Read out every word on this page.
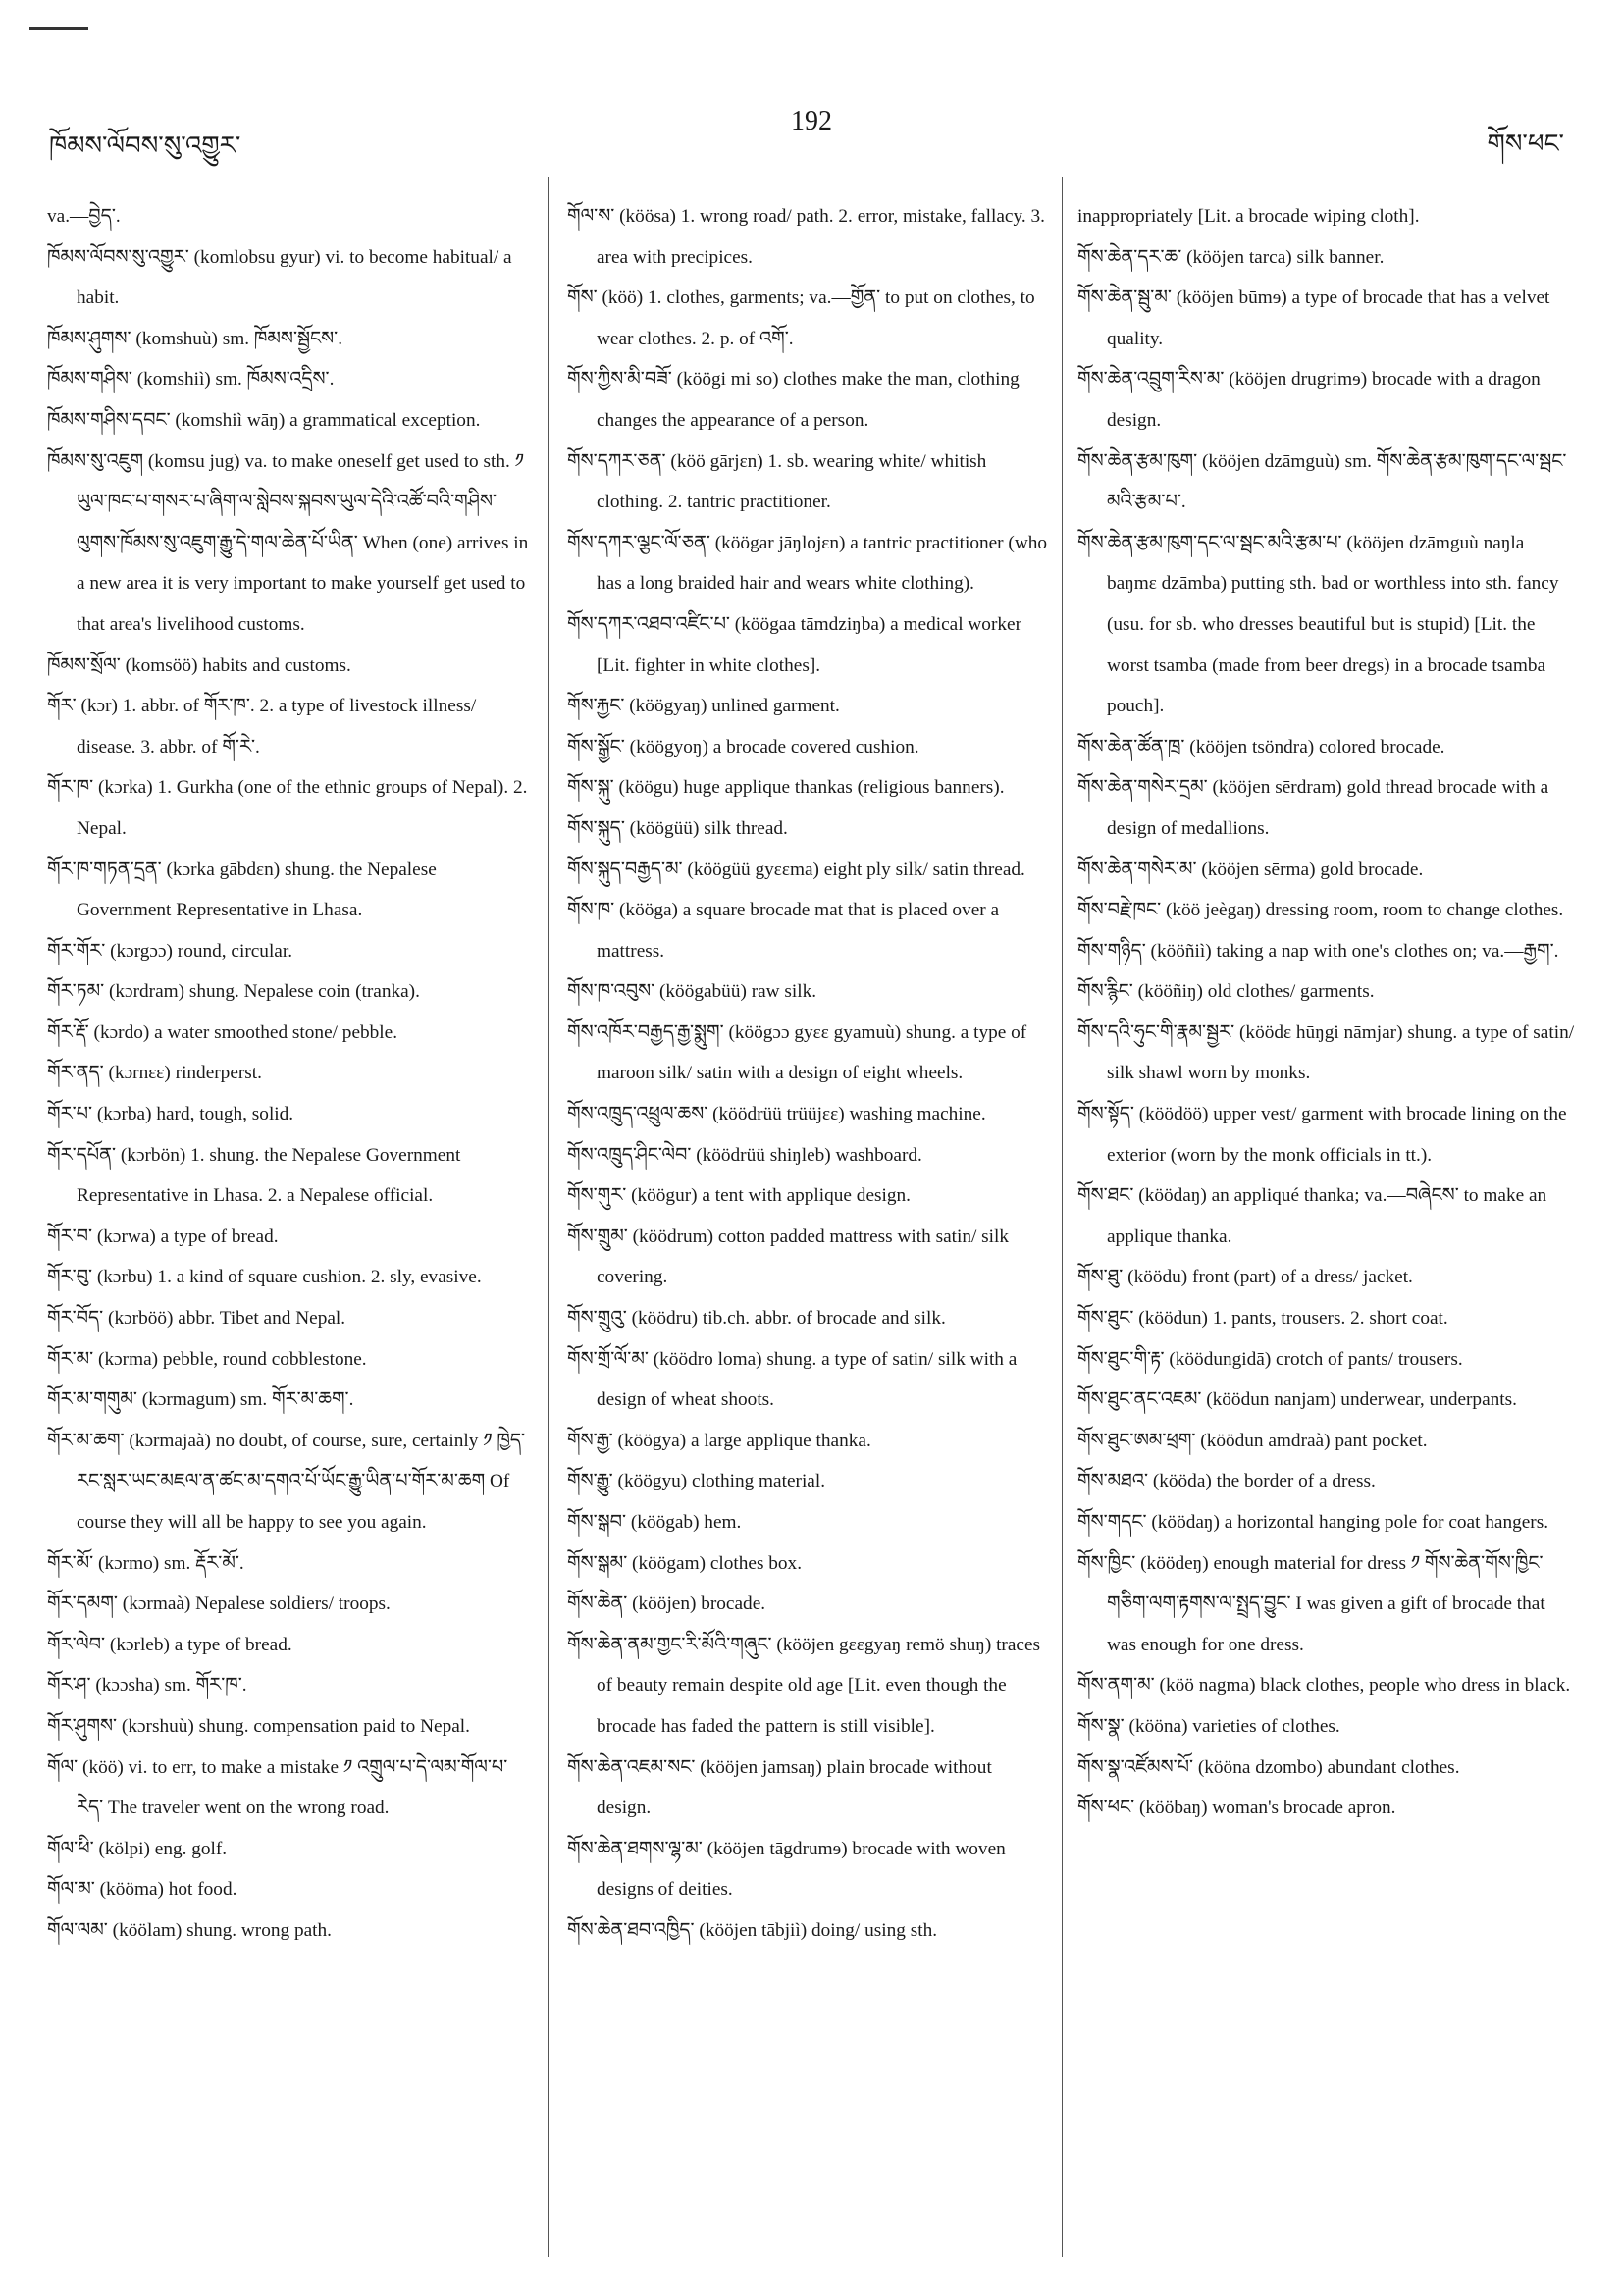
ཁོམས་ལོབས་སུ་འགྱུར་
192
གོས་ཕང་

va.—བྱེད་.

ཁོམས་ལོབས་སུ་འགྱུར་ (komlobsu gyur) vi. to become habitual/ a habit.

ཁོམས་ཤུགས་ (komshuù) sm. ཁོམས་སྦྱོངས་.

ཁོམས་གཤིས་ (komshiì) sm. ཁོམས་འདྲིས་.

ཁོམས་གཤིས་དབང་ (komshiì wāŋ) a grammatical exception.

ཁོམས་སུ་འཇུག (komsu jug) va. to make oneself get used to sth. ༡ ཡུལ་ཁང་པ་གསར་པ་ཞིག་ལ་སླེབས་སྐབས་ཡུལ་དེའི་འཚོ་བའི་གཤིས་ལུགས་ཁོམས་སུ་འཇུག་རྒྱུ་དེ་གལ་ཆེན་པོ་ཡིན་ When (one) arrives in a new area it is very important to make yourself get used to that area's livelihood customs.

ཁོམས་སྲོལ་ (komsöö) habits and customs.

གོར་ (kɔr) 1. abbr. of གོར་ཁ་. 2. a type of livestock illness/ disease. 3. abbr. of གོ་རེ་.

གོར་ཁ་ (kɔrka) 1. Gurkha (one of the ethnic groups of Nepal). 2. Nepal.

གོར་ཁ་གཏན་དྲན་ (kɔrka gābdɛn) shung. the Nepalese Government Representative in Lhasa.

གོར་གོར་ (kɔrgɔɔ) round, circular.

གོར་ཏམ་ (kɔrdram) shung. Nepalese coin (tranka).

གོར་རྡོ་ (kɔrdo) a water smoothed stone/ pebble.

གོར་ནད་ (kɔrnɛɛ) rinderperst.

གོར་པ་ (kɔrba) hard, tough, solid.

གོར་དཔོན་ (kɔrbön) 1. shung. the Nepalese Government Representative in Lhasa. 2. a Nepalese official.

གོར་བ་ (kɔrwa) a type of bread.

གོར་བུ་ (kɔrbu) 1. a kind of square cushion. 2. sly, evasive.

གོར་བོད་ (kɔrböö) abbr. Tibet and Nepal.

གོར་མ་ (kɔrma) pebble, round cobblestone.

གོར་མ་གགུམ་ (kɔrmagum) sm. གོར་མ་ཆག་.

གོར་མ་ཆག་ (kɔrmajaà) no doubt, of course, sure, certainly ༡ ཁྱེད་རང་སླར་ཡང་མཇལ་ན་ཚང་མ་དགའ་པོ་ཡོང་རྒྱུ་ཡིན་པ་གོར་མ་ཆག Of course they will all be happy to see you again.

གོར་མོ་ (kɔrmo) sm. རྡོར་མོ་.

གོར་དམག་ (kɔrmaà) Nepalese soldiers/ troops.

གོར་ལེབ་ (kɔrleb) a type of bread.

གོར་ཤ་ (kɔɔsha) sm. གོར་ཁ་.

གོར་ཤུགས་ (kɔrshuù) shung. compensation paid to Nepal.

གོལ་ (köö) vi. to err, to make a mistake ༡ འགྲུལ་པ་དེ་ལམ་གོལ་པ་རེད་ The traveler went on the wrong road.

གོལ་ཕི་ (kölpi) eng. golf.

གོལ་མ་ (kööma) hot food.

གོལ་ལམ་ (köölam) shung. wrong path.

གོལ་ས་ (köösa) 1. wrong road/ path. 2. error, mistake, fallacy. 3. area with precipices.

གོས་ (köö) 1. clothes, garments; va.—གྱོན་ to put on clothes, to wear clothes. 2. p. of འགོ་.

གོས་ཀྱིས་མི་བཟོ་ (köögi mi so) clothes make the man, clothing changes the appearance of a person.

གོས་དཀར་ཅན་ (köö gārjɛn) 1. sb. wearing white/ whitish clothing. 2. tantric practitioner.

གོས་དཀར་ལྕང་ལོ་ཅན་ (köögar jāŋlojɛn) a tantric practitioner (who has a long braided hair and wears white clothing).

གོས་དཀར་འཐབ་འཛིང་པ་ (köögaa tāmdziŋba) a medical worker [Lit. fighter in white clothes].

གོས་རྐྱང་ (köögyaŋ) unlined garment.

གོས་སྒྱོང་ (köögyoŋ) a brocade covered cushion.

གོས་སྐུ་ (köögu) huge applique thankas (religious banners).

གོས་སྐུད་ (köögüü) silk thread.

གོས་སྐུད་བརྒྱད་མ་ (köögüü gyɛɛma) eight ply silk/ satin thread.

གོས་ཁ་ (kööga) a square brocade mat that is placed over a mattress.

གོས་ཁ་འབུས་ (köögabüü) raw silk.

གོས་འཁོར་བརྒྱད་རྒྱ་སྨུག་ (köögɔɔ gyɛɛ gyamuù) shung. a type of maroon silk/ satin with a design of eight wheels.

གོས་འཁྲུད་འཕྲུལ་ཆས་ (köödrüü trüüjɛɛ) washing machine.

གོས་འཁྲུད་ཤིང་ལེབ་ (köödrüü shiŋleb) washboard.

གོས་གུར་ (köögur) a tent with applique design.

གོས་གྲུམ་ (köödrum) cotton padded mattress with satin/ silk covering.

གོས་གྲུའུ་ (köödru) tib.ch. abbr. of brocade and silk.

གོས་གྲོ་ལོ་མ་ (köödro loma) shung. a type of satin/ silk with a design of wheat shoots.

གོས་རྒྱ་ (köögya) a large applique thanka.

གོས་རྒྱུ་ (köögyu) clothing material.

གོས་སྒབ་ (köögab) hem.

གོས་སྒམ་ (köögam) clothes box.

གོས་ཆེན་ (kööjen) brocade.

གོས་ཆེན་ནམ་གྱང་རི་མོའི་གཞུང་ (kööjen gɛɛgyaŋ remö shuŋ) traces of beauty remain despite old age [Lit. even though the brocade has faded the pattern is still visible].

གོས་ཆེན་འཇམ་སང་ (kööjen jamsaŋ) plain brocade without design.

གོས་ཆེན་ཐགས་ལྷ་མ་ (kööjen tāgdrumɘ) brocade with woven designs of deities.

གོས་ཆེན་ཐབ་འཁྱིད་ (kööjen tābjiì) doing/ using sth.

inappropriately [Lit. a brocade wiping cloth].

གོས་ཆེན་དར་ཆ་ (kööjen tarca) silk banner.

གོས་ཆེན་སྦུ་མ་ (kööjen būmɘ) a type of brocade that has a velvet quality.

གོས་ཆེན་འབྲུག་རིས་མ་ (kööjen drugrimɘ) brocade with a dragon design.

གོས་ཆེན་རྩམ་ཁུག་ (kööjen dzāmguù) sm. གོས་ཆེན་རྩམ་ཁུག་དང་ལ་སྦང་མའི་རྩམ་པ་.

གོས་ཆེན་རྩམ་ཁུག་དང་ལ་སྦང་མའི་རྩམ་པ་ (kööjen dzāmguù naŋla baŋmɛ dzāmba) putting sth. bad or worthless into sth. fancy (usu. for sb. who dresses beautiful but is stupid) [Lit. the worst tsamba (made from beer dregs) in a brocade tsamba pouch].

གོས་ཆེན་ཚོན་ཁྲ་ (kööjen tsöndra) colored brocade.

གོས་ཆེན་གསེར་དྲམ་ (kööjen sērdram) gold thread brocade with a design of medallions.

གོས་ཆེན་གསེར་མ་ (kööjen sērma) gold brocade.

གོས་བརྗེ་ཁང་ (köö jeègaŋ) dressing room, room to change clothes.

གོས་གཉིད་ (kööñiì) taking a nap with one's clothes on; va.—རྒྱག་.

གོས་རྙིང་ (kööñiŋ) old clothes/ garments.

གོས་དའི་ཧུང་གི་རྣམ་སྦྱར་ (köödɛ hūŋgi nāmjar) shung. a type of satin/ silk shawl worn by monks.

གོས་སྟོད་ (köödöö) upper vest/ garment with brocade lining on the exterior (worn by the monk officials in tt.).

གོས་ཐང་ (köödaŋ) an appliqué thanka; va.—བཞེངས་ to make an applique thanka.

གོས་ཐུ་ (köödu) front (part) of a dress/ jacket.

གོས་ཐུང་ (köödun) 1. pants, trousers. 2. short coat.

གོས་ཐུང་གི་རྟ་ (köödungidā) crotch of pants/ trousers.

གོས་ཐུང་ནང་འཇམ་ (köödun nanjam) underwear, underpants.

གོས་ཐུང་ཨམ་ཕྲག་ (köödun āmdraà) pant pocket.

གོས་མཐའ་ (kööda) the border of a dress.

གོས་གདང་ (köödaŋ) a horizontal hanging pole for coat hangers.

གོས་ཁྱིང་ (köödeŋ) enough material for dress ༡ གོས་ཆེན་གོས་ཁྱིང་གཅིག་ལག་རྟགས་ལ་སྤྲད་བྱུང་ I was given a gift of brocade that was enough for one dress.

གོས་ནག་མ་ (köö nagma) black clothes, people who dress in black.

གོས་སྣ་ (kööna) varieties of clothes.

གོས་སྣ་འཛོམས་པོ་ (kööna dzombo) abundant clothes.

གོས་ཕང་ (kööbaŋ) woman's brocade apron.
